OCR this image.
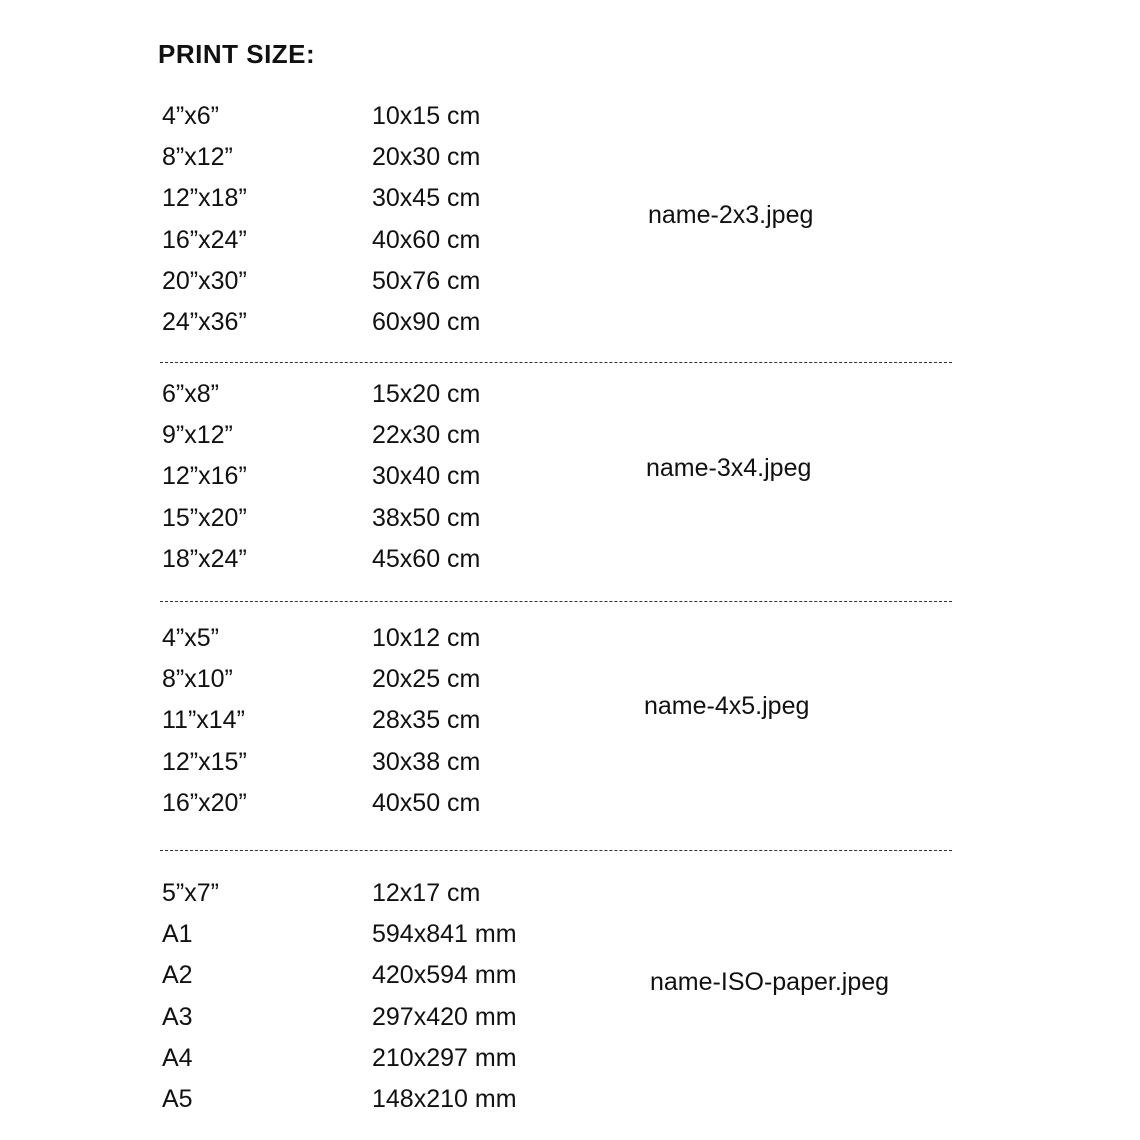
PRINT SIZE:
4”x6”	10x15 cm
8”x12”	20x30 cm
12”x18”	30x45 cm
16”x24”	40x60 cm
20”x30”	50x76 cm
24”x36”	60x90 cm
name-2x3.jpeg
6”x8”	15x20 cm
9”x12”	22x30 cm
12”x16”	30x40 cm
15”x20”	38x50 cm
18”x24”	45x60 cm
name-3x4.jpeg
4”x5”	10x12 cm
8”x10”	20x25 cm
11”x14”	28x35 cm
12”x15”	30x38 cm
16”x20”	40x50 cm
name-4x5.jpeg
5”x7”	12x17 cm
A1	594x841 mm
A2	420x594 mm
A3	297x420 mm
A4	210x297 mm
A5	148x210 mm
name-ISO-paper.jpeg
